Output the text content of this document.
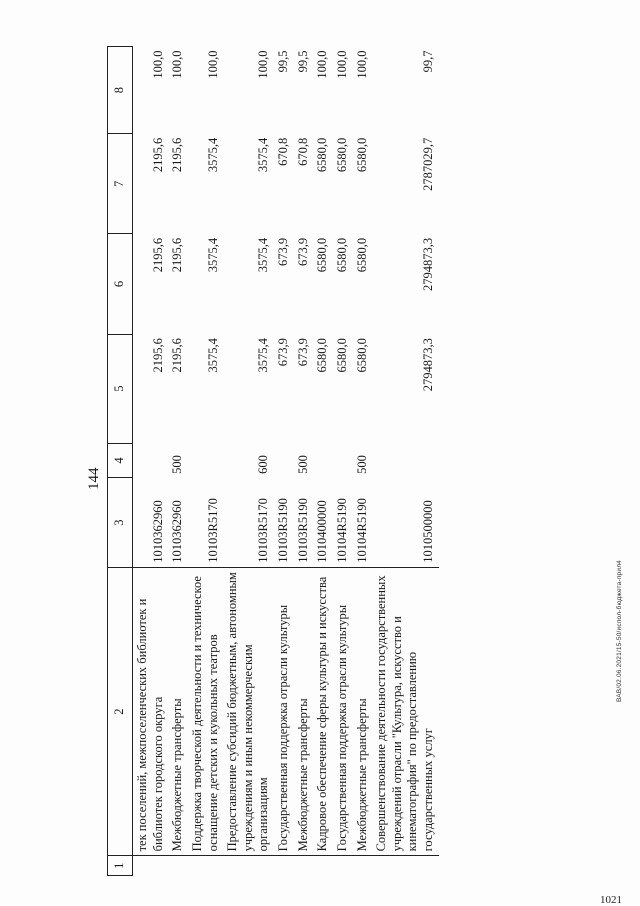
144
1	2	3	4	5	6	7	8
	тек поселений, межпоселенческих библиотек и библиотек городского округа	1010362960		2195,6	2195,6	2195,6	100,0
	Межбюджетные трансферты	1010362960	500	2195,6	2195,6	2195,6	100,0
	Поддержка творческой деятельности и техническое оснащение детских и кукольных театров	10103R5170		3575,4	3575,4	3575,4	100,0
	Предоставление субсидий бюджетным, автономным учреждениям и иным некоммерческим организациям	10103R5170	600	3575,4	3575,4	3575,4	100,0
	Государственная поддержка отрасли культуры	10103R5190		673,9	673,9	670,8	99,5
	Межбюджетные трансферты	10103R5190	500	673,9	673,9	670,8	99,5
	Кадровое обеспечение сферы культуры и искусства	1010400000		6580,0	6580,0	6580,0	100,0
	Государственная поддержка отрасли культуры	10104R5190		6580,0	6580,0	6580,0	100,0
	Межбюджетные трансферты	10104R5190	500	6580,0	6580,0	6580,0	100,0
	Совершенствование деятельности государственных учреждений отрасли "Культура, искусство и кинематография" по предоставлению государственных услуг	1010500000		2794873,3	2794873,3	2787029,7	99,7
ВАВ/02.06.2021/15-50/испол-бюджета-прил4
1021
